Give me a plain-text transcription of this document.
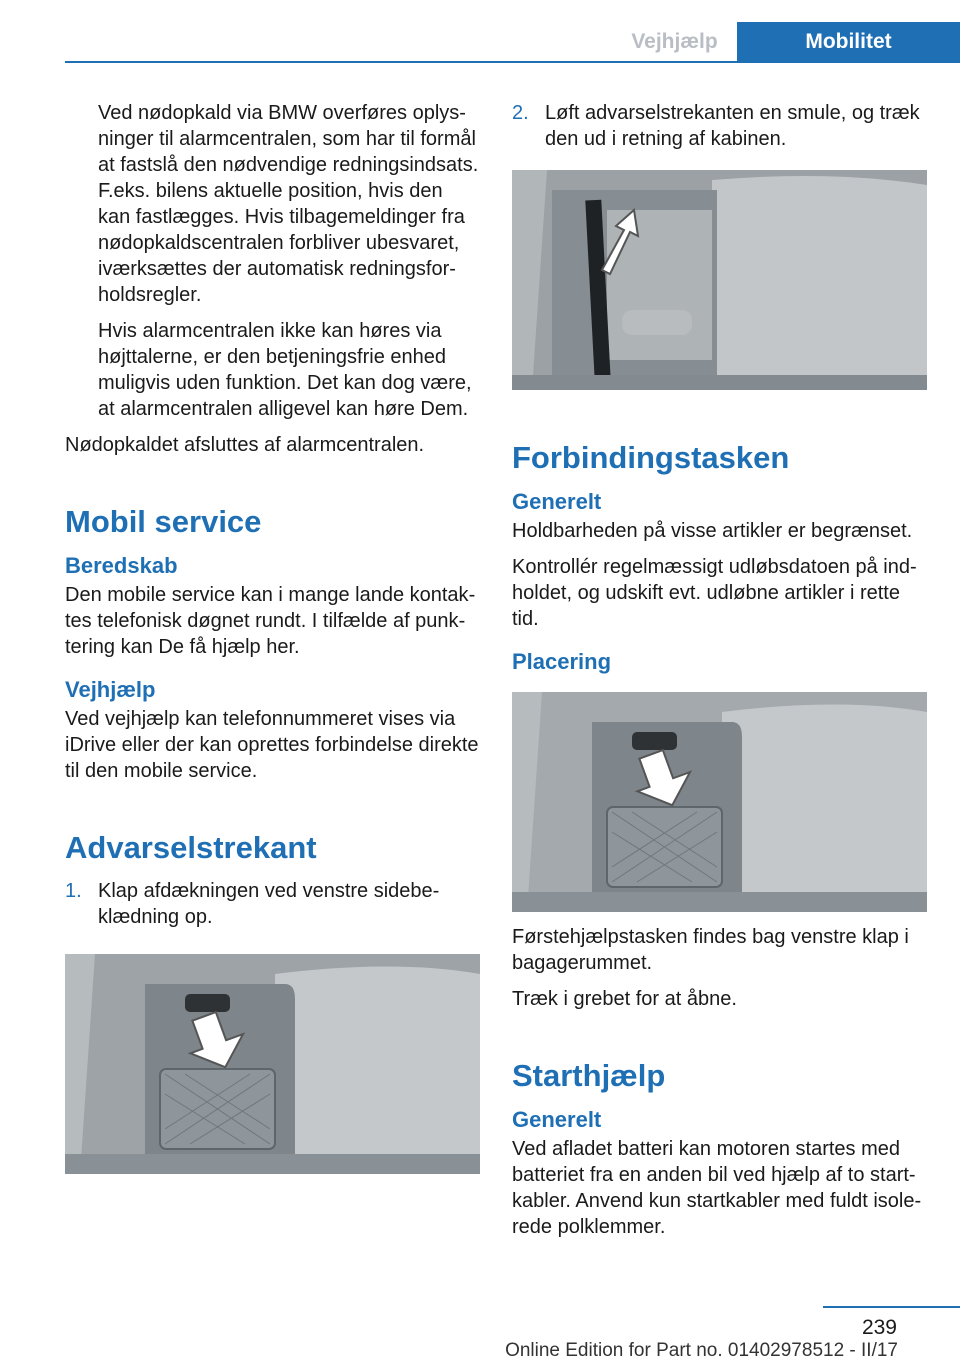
Vejhjælp	Mobilitet

Ved nødopkald via BMW overføres oplysninger til alarmcentralen, som har til formål at fastslå den nødvendige redningsindsats. F.eks. bilens aktuelle position, hvis den kan fastlægges. Hvis tilbagemeldinger fra nødopkaldscentralen forbliver ubesvaret, iværksættes der automatisk redningsforholdsregler.

Hvis alarmcentralen ikke kan høres via højttalerne, er den betjeningsfrie enhed muligvis uden funktion. Det kan dog være, at alarmcentralen alligevel kan høre Dem.

Nødopkaldet afsluttes af alarmcentralen.

Mobil service
Beredskab

Den mobile service kan i mange lande kontaktes telefonisk døgnet rundt. I tilfælde af punktering kan De få hjælp her.

Vejhjælp

Ved vejhjælp kan telefonnummeret vises via iDrive eller der kan oprettes forbindelse direkte til den mobile service.

Advarselstrekant
1. Klap afdækningen ved venstre sidebeklædning op.
2. Løft advarselstrekanten en smule, og træk den ud i retning af kabinen.
Forbindingstasken
Generelt

Holdbarheden på visse artikler er begrænset.

Kontrollér regelmæssigt udløbsdatoen på indholdet, og udskift evt. udløbne artikler i rette tid.

Placering

Førstehjælpstasken findes bag venstre klap i bagagerummet.

Træk i grebet for at åbne.

Starthjælp
Generelt

Ved afladet batteri kan motoren startes med batteriet fra en anden bil ved hjælp af to startkabler. Anvend kun startkabler med fuldt isolerede polklemmer.

239
Online Edition for Part no. 01402978512 - II/17
